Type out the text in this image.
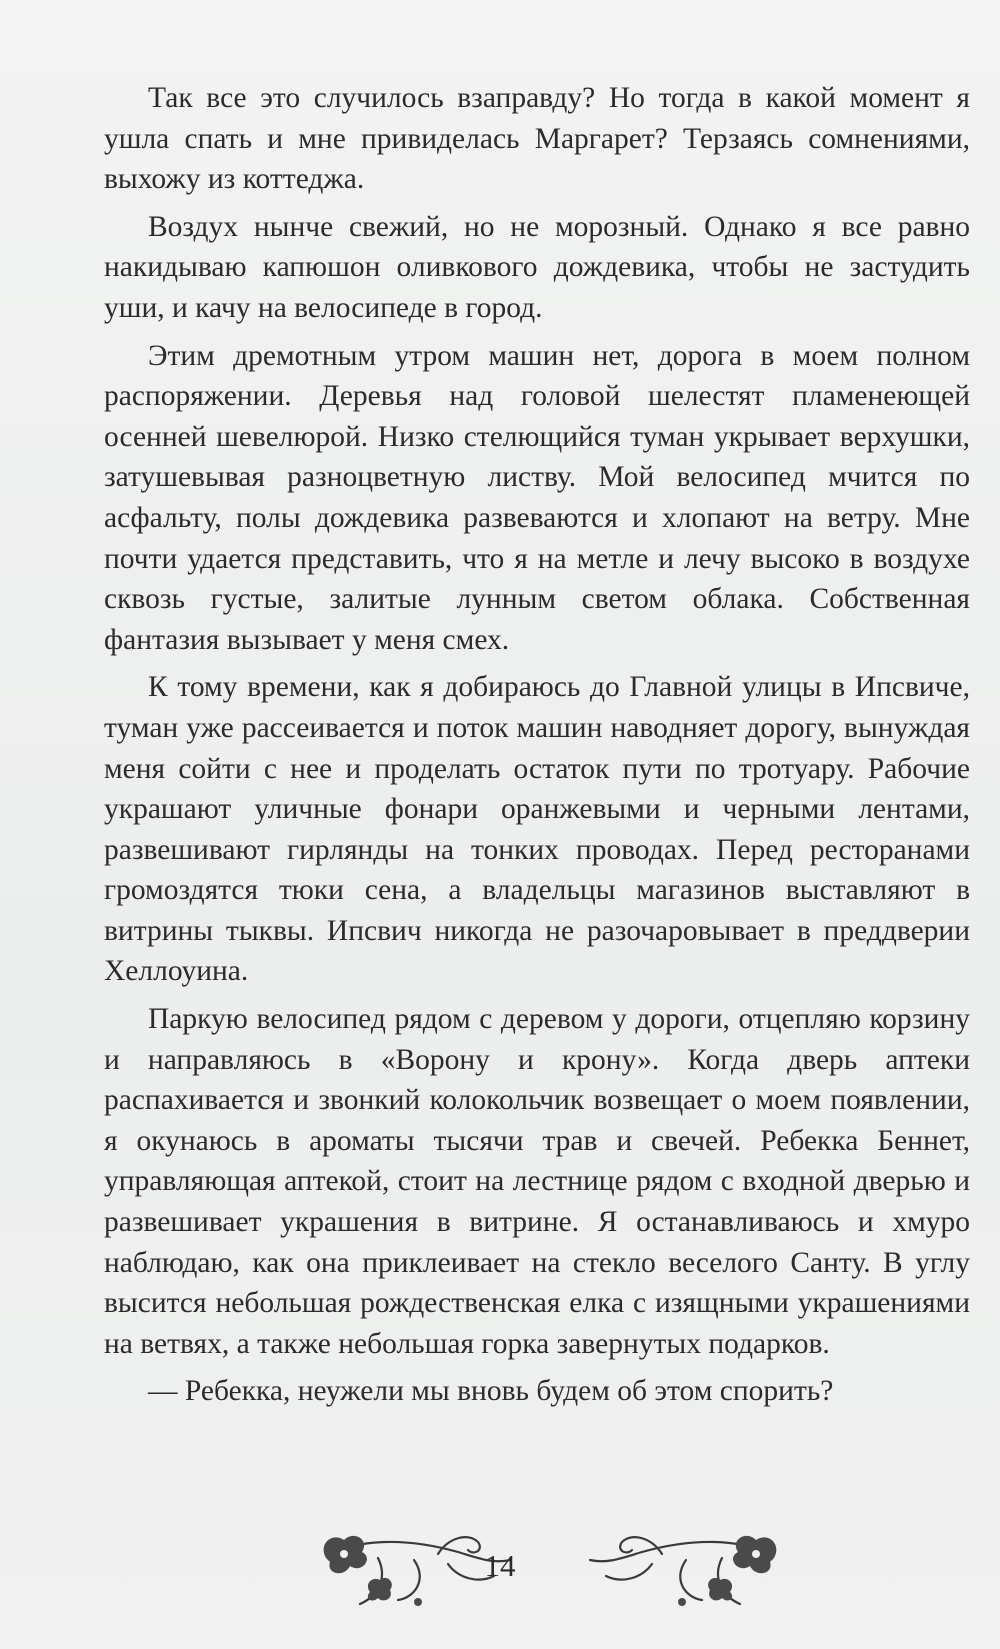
Так все это случилось взаправду? Но тогда в какой момент я ушла спать и мне привиделась Маргарет? Терзаясь сомнениями, выхожу из коттеджа.

Воздух нынче свежий, но не морозный. Однако я все равно накидываю капюшон оливкового дождевика, чтобы не застудить уши, и качу на велосипеде в город.

Этим дремотным утром машин нет, дорога в моем полном распоряжении. Деревья над головой шелестят пламенеющей осенней шевелюрой. Низко стелющийся туман укрывает верхушки, затушевывая разноцветную листву. Мой велосипед мчится по асфальту, полы дождевика развеваются и хлопают на ветру. Мне почти удается представить, что я на метле и лечу высоко в воздухе сквозь густые, залитые лунным светом облака. Собственная фантазия вызывает у меня смех.

К тому времени, как я добираюсь до Главной улицы в Ипсвиче, туман уже рассеивается и поток машин наводняет дорогу, вынуждая меня сойти с нее и проделать остаток пути по тротуару. Рабочие украшают уличные фонари оранжевыми и черными лентами, развешивают гирлянды на тонких проводах. Перед ресторанами громоздятся тюки сена, а владельцы магазинов выставляют в витрины тыквы. Ипсвич никогда не разочаровывает в преддверии Хеллоуина.

Паркую велосипед рядом с деревом у дороги, отцепляю корзину и направляюсь в «Ворону и крону». Когда дверь аптеки распахивается и звонкий колокольчик возвещает о моем появлении, я окунаюсь в ароматы тысячи трав и свечей. Ребекка Беннет, управляющая аптекой, стоит на лестнице рядом с входной дверью и развешивает украшения в витрине. Я останавливаюсь и хмуро наблюдаю, как она приклеивает на стекло веселого Санту. В углу высится небольшая рождественская елка с изящными украшениями на ветвях, а также небольшая горка завернутых подарков.

— Ребекка, неужели мы вновь будем об этом спорить?

14
